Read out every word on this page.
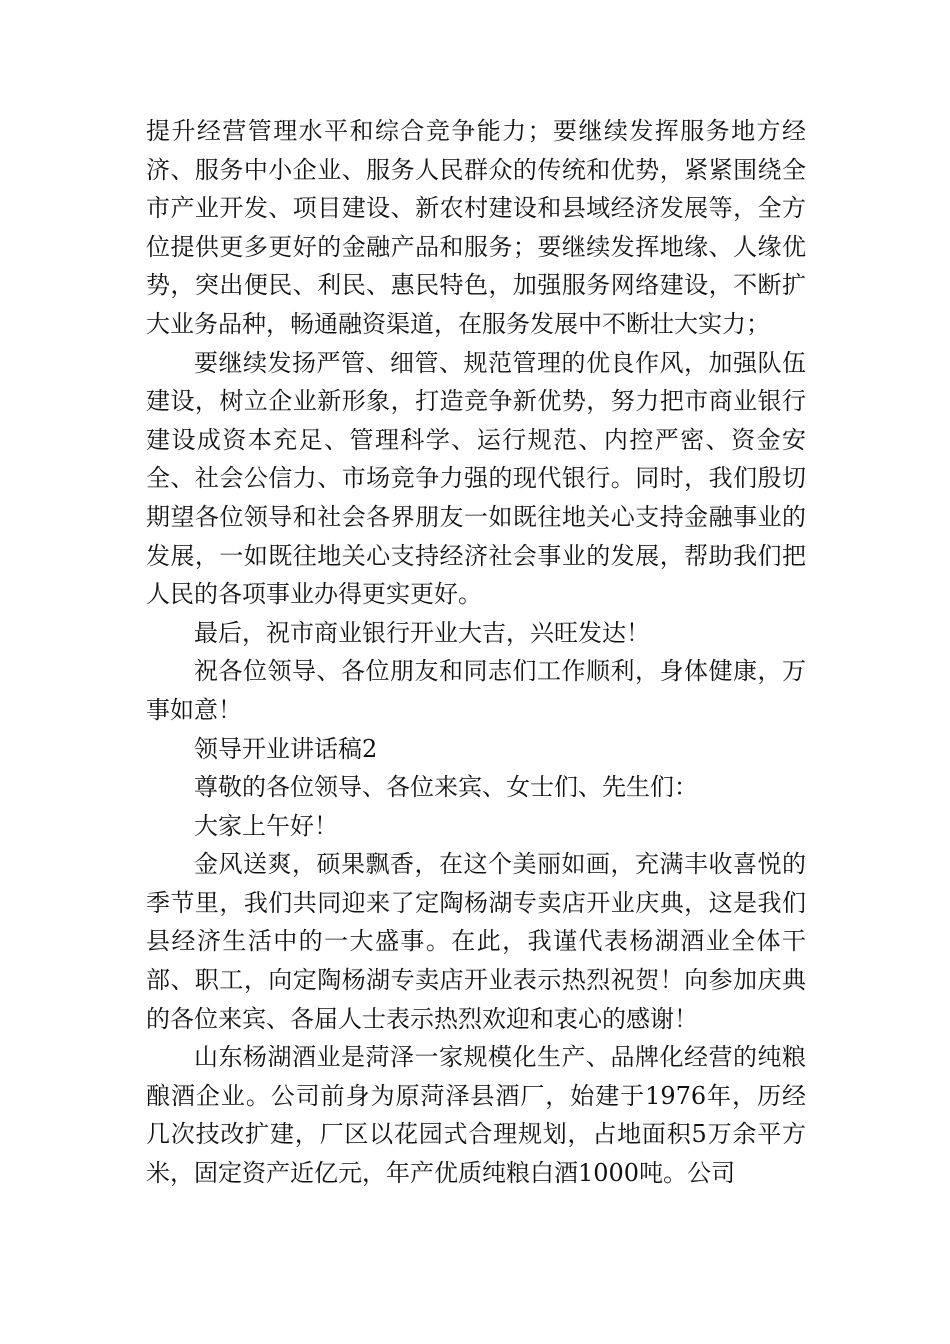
提升经营管理水平和综合竞争能力；要继续发挥服务地方经济、服务中小企业、服务人民群众的传统和优势，紧紧围绕全市产业开发、项目建设、新农村建设和县域经济发展等，全方位提供更多更好的金融产品和服务；要继续发挥地缘、人缘优势，突出便民、利民、惠民特色，加强服务网络建设，不断扩大业务品种，畅通融资渠道，在服务发展中不断壮大实力；

要继续发扬严管、细管、规范管理的优良作风，加强队伍建设，树立企业新形象，打造竞争新优势，努力把市商业银行建设成资本充足、管理科学、运行规范、内控严密、资金安全、社会公信力、市场竞争力强的现代银行。同时，我们殷切期望各位领导和社会各界朋友一如既往地关心支持金融事业的发展，一如既往地关心支持经济社会事业的发展，帮助我们把人民的各项事业办得更实更好。

最后，祝市商业银行开业大吉，兴旺发达！

祝各位领导、各位朋友和同志们工作顺利，身体健康，万事如意！

领导开业讲话稿2

尊敬的各位领导、各位来宾、女士们、先生们：

大家上午好！

金风送爽，硕果飘香，在这个美丽如画，充满丰收喜悦的季节里，我们共同迎来了定陶杨湖专卖店开业庆典，这是我们县经济生活中的一大盛事。在此，我谨代表杨湖酒业全体干部、职工，向定陶杨湖专卖店开业表示热烈祝贺！向参加庆典的各位来宾、各届人士表示热烈欢迎和衷心的感谢！

山东杨湖酒业是菏泽一家规模化生产、品牌化经营的纯粮酿酒企业。公司前身为原菏泽县酒厂，始建于1976年，历经几次技改扩建，厂区以花园式合理规划，占地面积5万余平方米，固定资产近亿元，年产优质纯粮白酒1000吨。公司
